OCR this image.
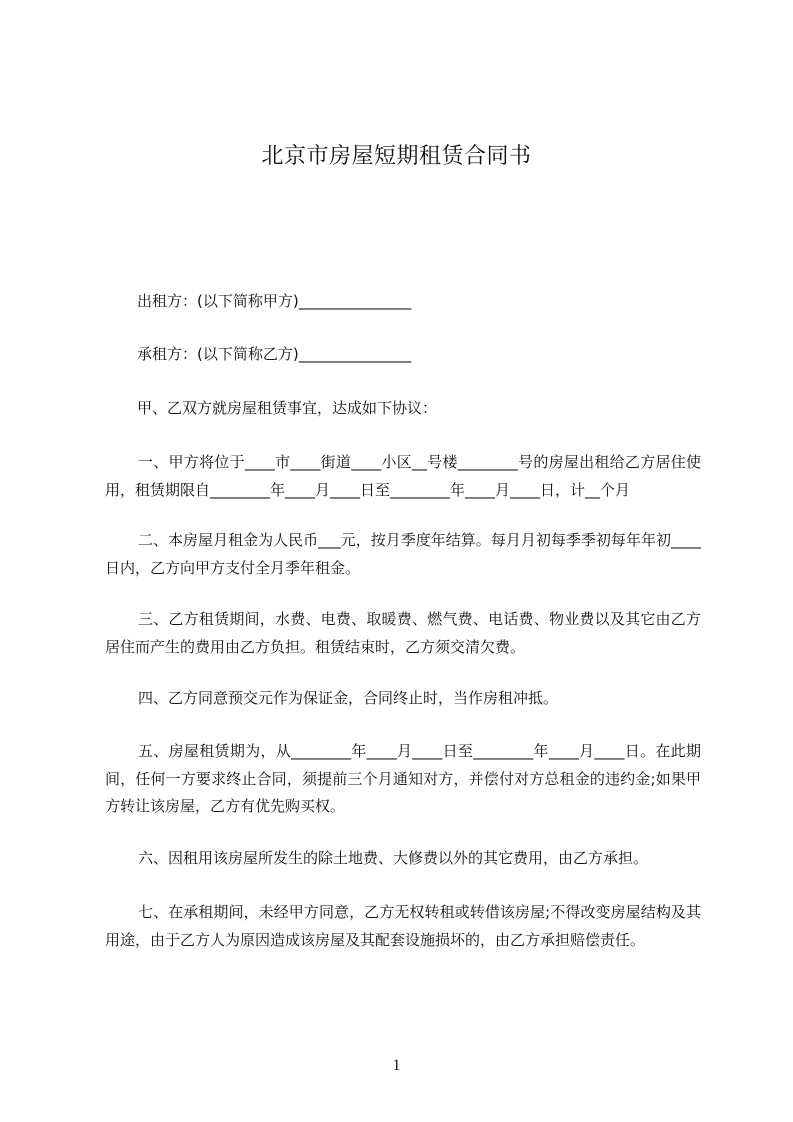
北京市房屋短期租赁合同书
出租方：(以下简称甲方)_______________
承租方：(以下简称乙方)_______________
甲、乙双方就房屋租赁事宜，达成如下协议：

一、甲方将位于____市____街道____小区__号楼________号的房屋出租给乙方居住使用，租赁期限自________年____月____日至________年____月____日，计__个月

二、本房屋月租金为人民币___元，按月季度年结算。每月月初每季季初每年年初____日内，乙方向甲方支付全月季年租金。

三、乙方租赁期间，水费、电费、取暖费、燃气费、电话费、物业费以及其它由乙方居住而产生的费用由乙方负担。租赁结束时，乙方须交清欠费。

四、乙方同意预交元作为保证金，合同终止时，当作房租冲抵。

五、房屋租赁期为，从________年____月____日至________年____月____日。在此期间，任何一方要求终止合同，须提前三个月通知对方，并偿付对方总租金的违约金;如果甲方转让该房屋，乙方有优先购买权。

六、因租用该房屋所发生的除土地费、大修费以外的其它费用，由乙方承担。

七、在承租期间，未经甲方同意，乙方无权转租或转借该房屋;不得改变房屋结构及其用途，由于乙方人为原因造成该房屋及其配套设施损坏的，由乙方承担赔偿责任。

1
